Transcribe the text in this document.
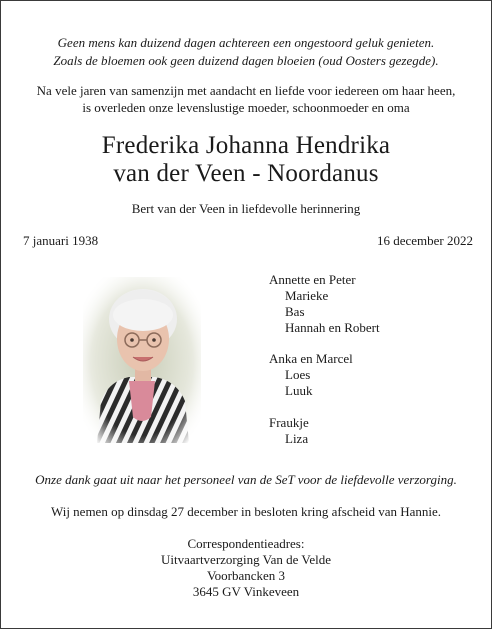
Geen mens kan duizend dagen achtereen een ongestoord geluk genieten.
Zoals de bloemen ook geen duizend dagen bloeien (oud Oosters gezegde).
Na vele jaren van samenzijn met aandacht en liefde voor iedereen om haar heen,
is overleden onze levenslustige moeder, schoonmoeder en oma
Frederika Johanna Hendrika
van der Veen - Noordanus
Bert van der Veen in liefdevolle herinnering
7 januari 1938	16 december 2022
Annette en Peter
Marieke
Bas
Hannah en Robert
Anka en Marcel
Loes
Luuk
Fraukje
Liza
Onze dank gaat uit naar het personeel van de SeT voor de liefdevolle verzorging.
Wij nemen op dinsdag 27 december in besloten kring afscheid van Hannie.
Correspondentieadres:
Uitvaartverzorging Van de Velde
Voorbancken 3
3645 GV Vinkeveen
